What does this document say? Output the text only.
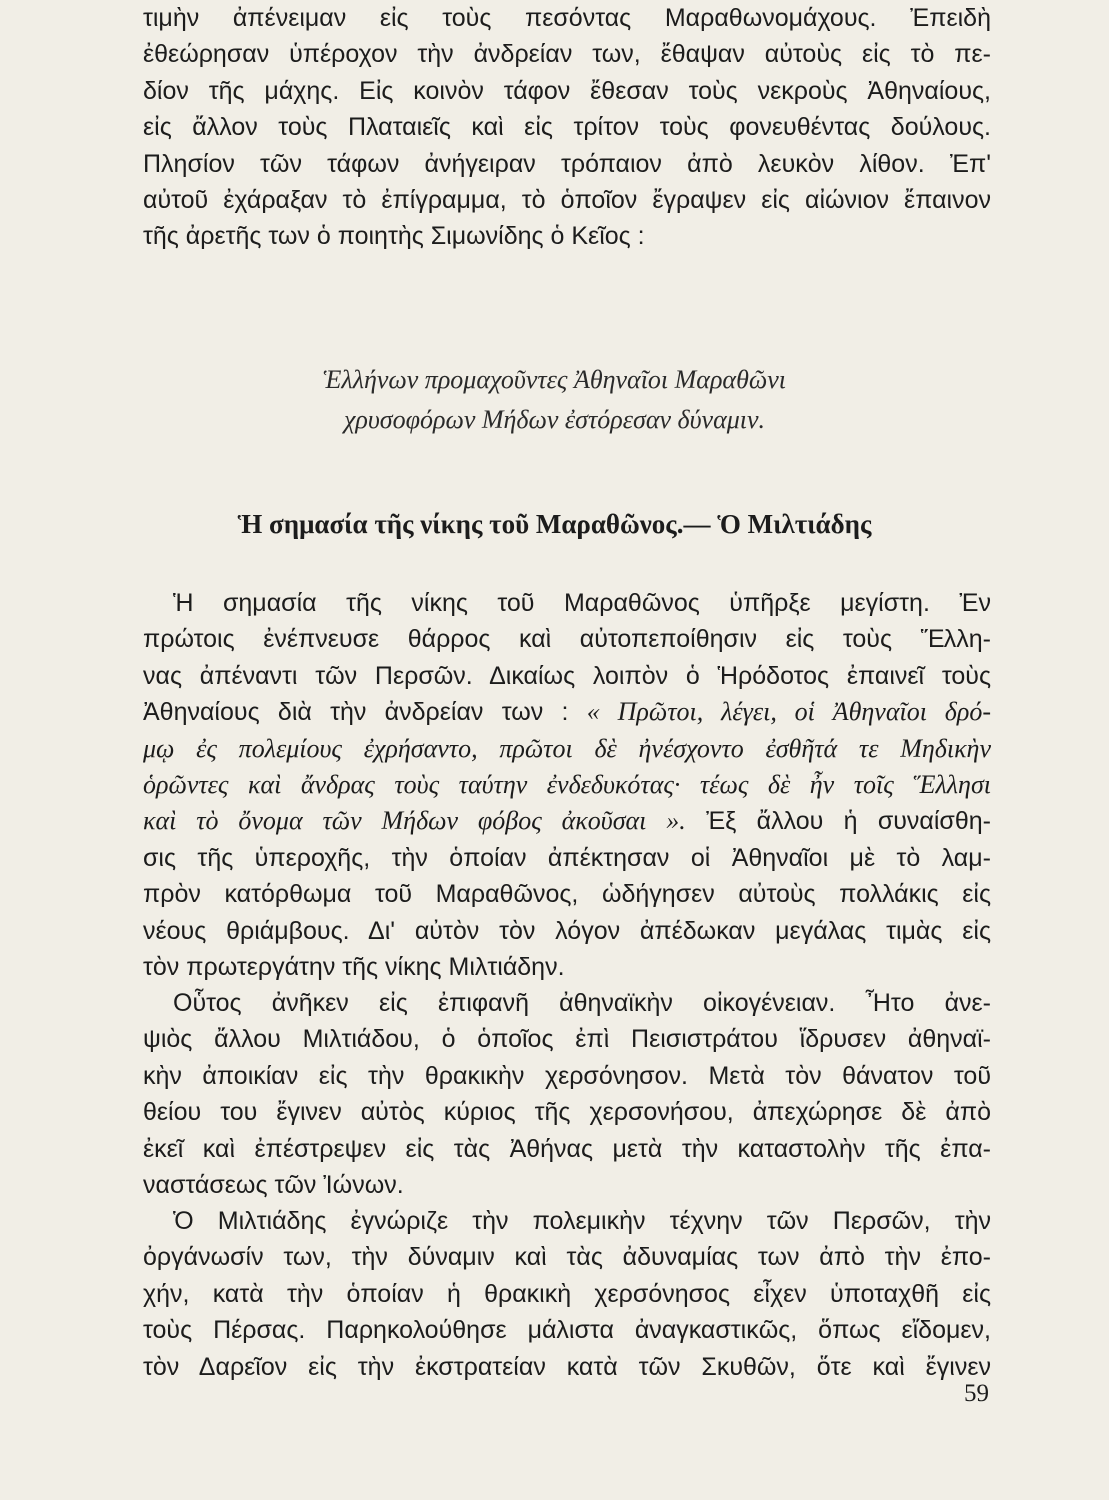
τιμὴν ἀπένειμαν εἰς τοὺς πεσόντας Μαραθωνομάχους. Ἐπειδὴ
ἐθεώρησαν ὑπέροχον τὴν ἀνδρείαν των, ἔθαψαν αὐτοὺς εἰς τὸ πε-
δίον τῆς μάχης. Εἰς κοινὸν τάφον ἔθεσαν τοὺς νεκροὺς Ἀθηναίους,
εἰς ἄλλον τοὺς Πλαταιεῖς καὶ εἰς τρίτον τοὺς φονευθέντας δούλους.
Πλησίον τῶν τάφων ἀνήγειραν τρόπαιον ἀπὸ λευκὸν λίθον. Ἐπ'
αὐτοῦ ἐχάραξαν τὸ ἐπίγραμμα, τὸ ὁποῖον ἔγραψεν εἰς αἰώνιον ἔπαινον
τῆς ἀρετῆς των ὁ ποιητὴς Σιμωνίδης ὁ Κεῖος :
Ἑλλήνων προμαχοῦντες Ἀθηναῖοι Μαραθῶνι
χρυσοφόρων Μήδων ἐστόρεσαν δύναμιν.
Ἡ σημασία τῆς νίκης τοῦ Μαραθῶνος.— Ὁ Μιλτιάδης
Ἡ σημασία τῆς νίκης τοῦ Μαραθῶνος ὑπῆρξε μεγίστη. Ἐν
πρώτοις ἐνέπνευσε θάρρος καὶ αὐτοπεποίθησιν εἰς τοὺς Ἕλλη-
νας ἀπέναντι τῶν Περσῶν. Δικαίως λοιπὸν ὁ Ἡρόδοτος ἐπαινεῖ τοὺς
Ἀθηναίους διὰ τὴν ἀνδρείαν των : « Πρῶτοι, λέγει, οἱ Ἀθηναῖοι δρό-
μῳ ἐς πολεμίους ἐχρήσαντο, πρῶτοι δὲ ἠνέσχοντο ἐσθῆτά τε Μηδικὴν
ὁρῶντες καὶ ἄνδρας τοὺς ταύτην ἐνδεδυκότας· τέως δὲ ἦν τοῖς Ἕλλησι
καὶ τὸ ὄνομα τῶν Μήδων φόβος ἀκοῦσαι ». Ἐξ ἄλλου ἡ συναίσθη-
σις τῆς ὑπεροχῆς, τὴν ὁποίαν ἀπέκτησαν οἱ Ἀθηναῖοι μὲ τὸ λαμ-
πρὸν κατόρθωμα τοῦ Μαραθῶνος, ὡδήγησεν αὐτοὺς πολλάκις εἰς
νέους θριάμβους. Δι' αὐτὸν τὸν λόγον ἀπέδωκαν μεγάλας τιμὰς εἰς
τὸν πρωτεργάτην τῆς νίκης Μιλτιάδην.
Οὗτος ἀνῆκεν εἰς ἐπιφανῆ ἀθηναϊκὴν οἰκογένειαν. Ἦτο ἀνε-
ψιὸς ἄλλου Μιλτιάδου, ὁ ὁποῖος ἐπὶ Πεισιστράτου ἵδρυσεν ἀθηναϊ-
κὴν ἀποικίαν εἰς τὴν θρακικὴν χερσόνησον. Μετὰ τὸν θάνατον τοῦ
θείου του ἔγινεν αὐτὸς κύριος τῆς χερσονήσου, ἀπεχώρησε δὲ ἀπὸ
ἐκεῖ καὶ ἐπέστρεψεν εἰς τὰς Ἀθήνας μετὰ τὴν καταστολὴν τῆς ἐπα-
ναστάσεως τῶν Ἰώνων.
Ὁ Μιλτιάδης ἐγνώριζε τὴν πολεμικὴν τέχνην τῶν Περσῶν, τὴν
ὀργάνωσίν των, τὴν δύναμιν καὶ τὰς ἀδυναμίας των ἀπὸ τὴν ἐπο-
χήν, κατὰ τὴν ὁποίαν ἡ θρακικὴ χερσόνησος εἶχεν ὑποταχθῆ εἰς
τοὺς Πέρσας. Παρηκολούθησε μάλιστα ἀναγκαστικῶς, ὅπως εἴδομεν,
τὸν Δαρεῖον εἰς τὴν ἐκστρατείαν κατὰ τῶν Σκυθῶν, ὅτε καὶ ἔγινεν
59
